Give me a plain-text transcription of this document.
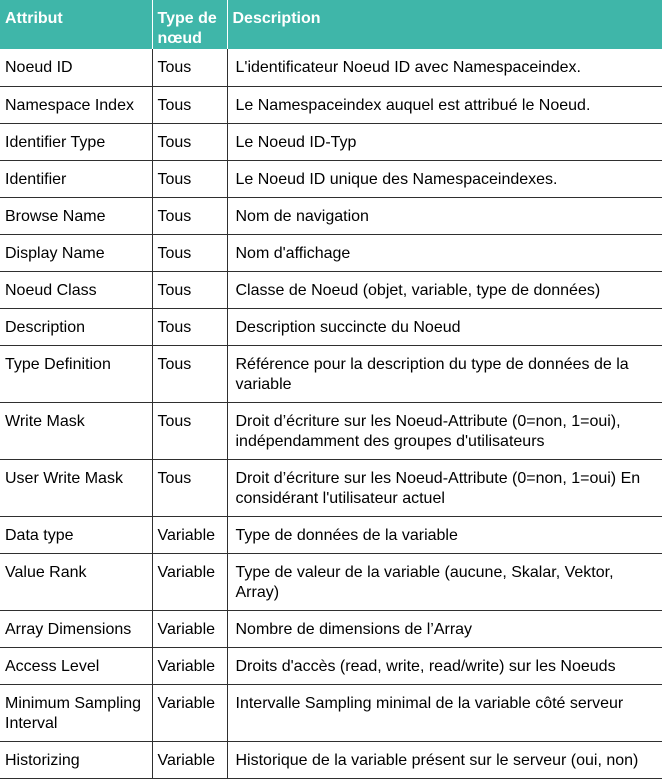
Attribut	Type de nœud	Description
Noeud ID	Tous	L'identificateur Noeud ID avec Namespaceindex.
Namespace Index	Tous	Le Namespaceindex auquel est attribué le Noeud.
Identifier Type	Tous	Le Noeud ID-Typ
Identifier	Tous	Le Noeud ID unique des Namespaceindexes.
Browse Name	Tous	Nom de navigation
Display Name	Tous	Nom d'affichage
Noeud Class	Tous	Classe de Noeud (objet, variable, type de données)
Description	Tous	Description succincte du Noeud
Type Definition	Tous	Référence pour la description du type de données de la variable
Write Mask	Tous	Droit d’écriture sur les Noeud-Attribute (0=non, 1=oui), indépendamment des groupes d'utilisateurs
User Write Mask	Tous	Droit d’écriture sur les Noeud-Attribute (0=non, 1=oui) En considérant l'utilisateur actuel
Data type	Variable	Type de données de la variable
Value Rank	Variable	Type de valeur de la variable (aucune, Skalar, Vektor, Array)
Array Dimensions	Variable	Nombre de dimensions de l’Array
Access Level	Variable	Droits d'accès (read, write, read/write) sur les Noeuds
Minimum Sampling Interval	Variable	Intervalle Sampling minimal de la variable côté serveur
Historizing	Variable	Historique de la variable présent sur le serveur (oui, non)
